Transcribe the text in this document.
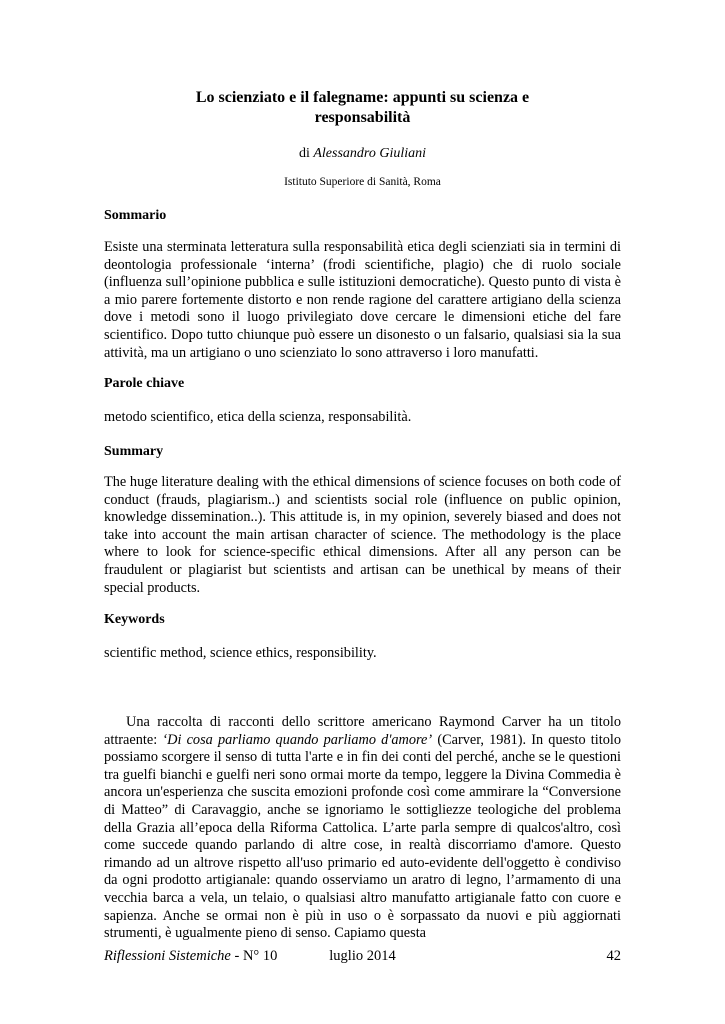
Lo scienziato e il falegname: appunti su scienza e
responsabilità
di Alessandro Giuliani
Istituto Superiore di Sanità, Roma
Sommario
Esiste una sterminata letteratura sulla responsabilità etica degli scienziati sia in termini di deontologia professionale ‘interna’ (frodi scientifiche, plagio) che di ruolo sociale (influenza sull’opinione pubblica e sulle istituzioni democratiche). Questo punto di vista è a mio parere fortemente distorto e non rende ragione del carattere artigiano della scienza dove i metodi sono il luogo privilegiato dove cercare le dimensioni etiche del fare scientifico. Dopo tutto chiunque può essere un disonesto o un falsario, qualsiasi sia la sua attività, ma un artigiano o uno scienziato lo sono attraverso i loro manufatti.
Parole chiave
metodo scientifico, etica della scienza, responsabilità.
Summary
The huge literature dealing with the ethical dimensions of science focuses on both code of conduct (frauds, plagiarism..) and scientists social role (influence on public opinion, knowledge dissemination..). This attitude is, in my opinion, severely biased and does not take into account the main artisan character of science. The methodology is the place where to look for science-specific ethical dimensions. After all any person can be fraudulent or plagiarist but scientists and artisan can be unethical by means of their special products.
Keywords
scientific method, science ethics, responsibility.
Una raccolta di racconti dello scrittore americano Raymond Carver ha un titolo attraente: ‘Di cosa parliamo quando parliamo d'amore’ (Carver, 1981). In questo titolo possiamo scorgere il senso di tutta l'arte e in fin dei conti del perché, anche se le questioni tra guelfi bianchi e guelfi neri sono ormai morte da tempo, leggere la Divina Commedia è ancora un'esperienza che suscita emozioni profonde così come ammirare la “Conversione di Matteo” di Caravaggio, anche se ignoriamo le sottigliezze teologiche del problema della Grazia all’epoca della Riforma Cattolica. L’arte parla sempre di qualcos'altro, così come succede quando parlando di altre cose, in realtà discorriamo d'amore. Questo rimando ad un altrove rispetto all'uso primario ed auto-evidente dell'oggetto è condiviso da ogni prodotto artigianale: quando osserviamo un aratro di legno, l’armamento di una vecchia barca a vela, un telaio, o qualsiasi altro manufatto artigianale fatto con cuore e sapienza. Anche se ormai non è più in uso o è sorpassato da nuovi e più aggiornati strumenti, è ugualmente pieno di senso. Capiamo questa
Riflessioni Sistemiche - N° 10	luglio 2014	42
